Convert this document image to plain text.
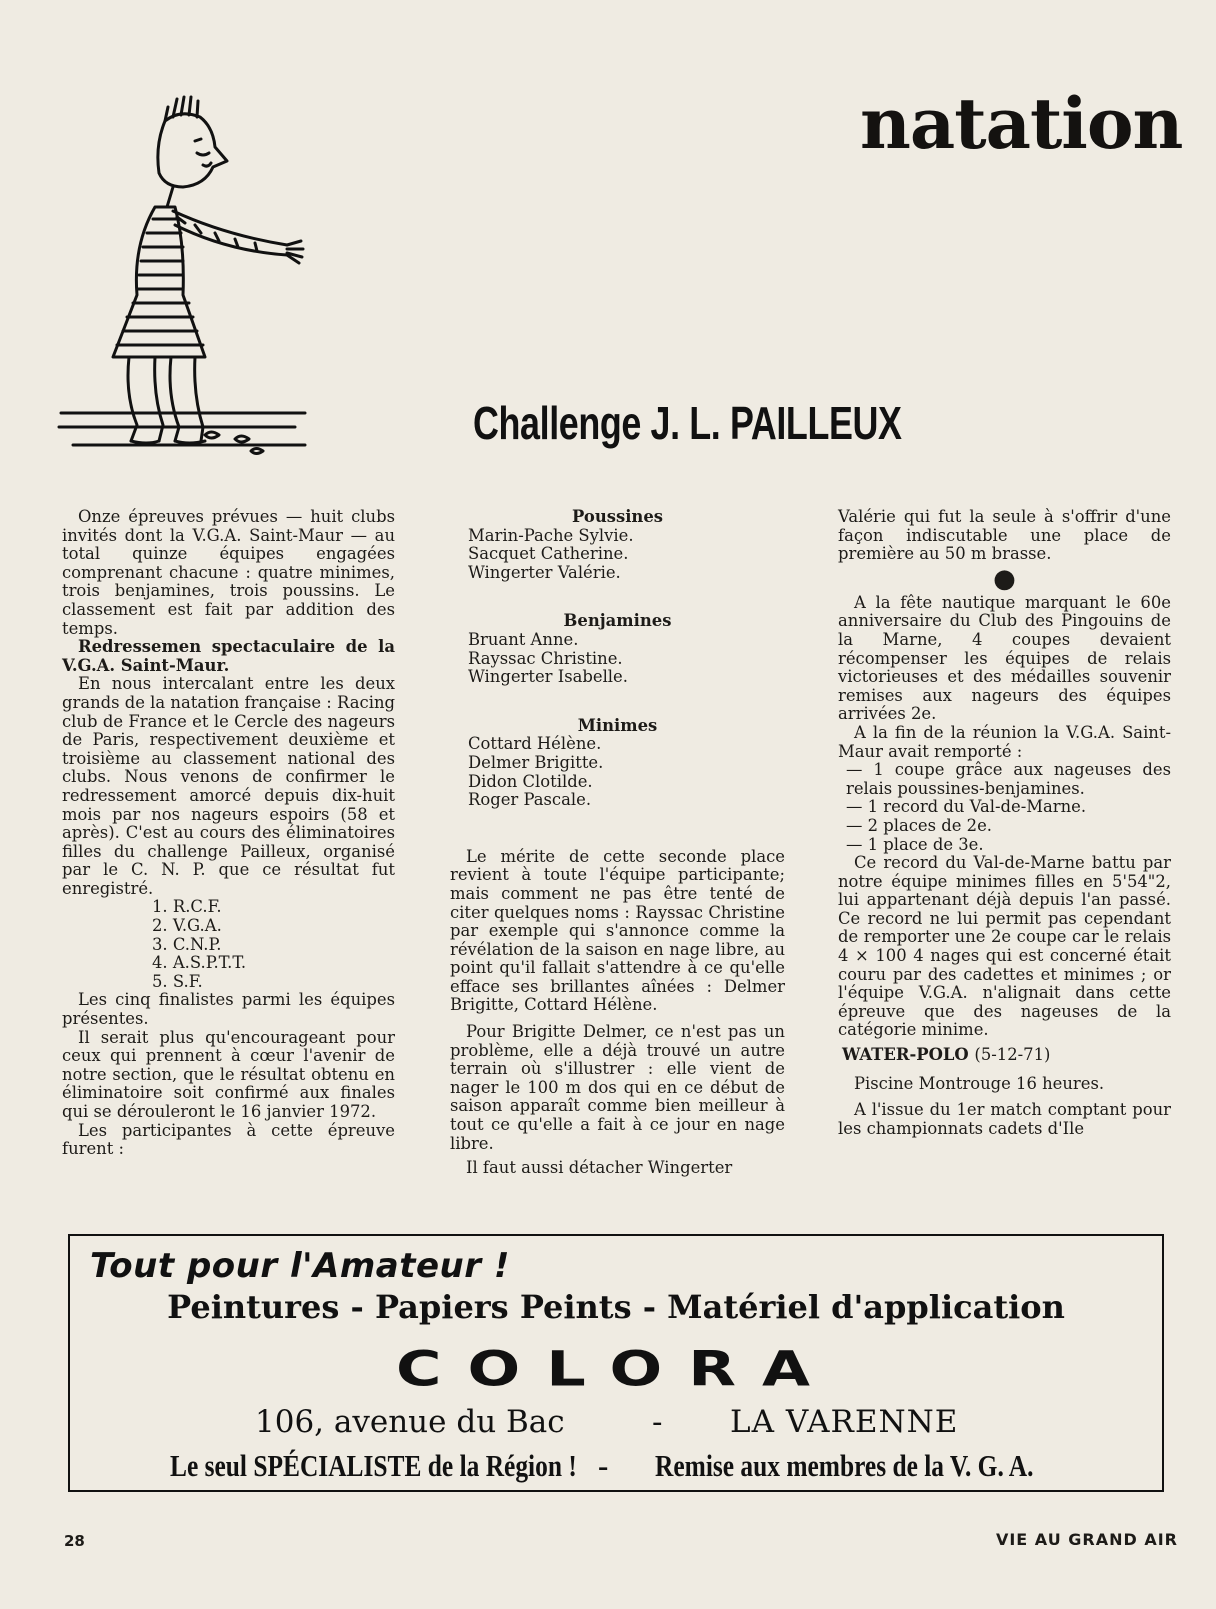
natation
Challenge J. L. PAILLEUX

Onze épreuves prévues — huit clubs invités dont la V.G.A. Saint-Maur — au total quinze équipes engagées comprenant chacune : quatre minimes, trois benjamines, trois poussins. Le classement est fait par addition des temps.

Redressemen spectaculaire de la V.G.A. Saint-Maur.

En nous intercalant entre les deux grands de la natation française : Racing club de France et le Cercle des nageurs de Paris, respectivement deuxième et troisième au classement national des clubs. Nous venons de confirmer le redressement amorcé depuis dix-huit mois par nos nageurs espoirs (58 et après). C'est au cours des éliminatoires filles du challenge Pailleux, organisé par le C. N. P. que ce résultat fut enregistré.

1. R.C.F.
2. V.G.A.
3. C.N.P.
4. A.S.P.T.T.
5. S.F.

Les cinq finalistes parmi les équipes présentes.

Il serait plus qu'encourageant pour ceux qui prennent à cœur l'avenir de notre section, que le résultat obtenu en éliminatoire soit confirmé aux finales qui se dérouleront le 16 janvier 1972.

Les participantes à cette épreuve furent :

Poussines

Marin-Pache Sylvie.
Sacquet Catherine.
Wingerter Valérie.

Benjamines

Bruant Anne.
Rayssac Christine.
Wingerter Isabelle.

Minimes

Cottard Hélène.
Delmer Brigitte.
Didon Clotilde.
Roger Pascale.

Le mérite de cette seconde place revient à toute l'équipe participante; mais comment ne pas être tenté de citer quelques noms : Rayssac Christine par exemple qui s'annonce comme la révélation de la saison en nage libre, au point qu'il fallait s'attendre à ce qu'elle efface ses brillantes aînées : Delmer Brigitte, Cottard Hélène.

Pour Brigitte Delmer, ce n'est pas un problème, elle a déjà trouvé un autre terrain où s'illustrer : elle vient de nager le 100 m dos qui en ce début de saison apparaît comme bien meilleur à tout ce qu'elle a fait à ce jour en nage libre.

Il faut aussi détacher Wingerter

Valérie qui fut la seule à s'offrir d'une façon indiscutable une place de première au 50 m brasse.

●

A la fête nautique marquant le 60e anniversaire du Club des Pingouins de la Marne, 4 coupes devaient récompenser les équipes de relais victorieuses et des médailles souvenir remises aux nageurs des équipes arrivées 2e.

A la fin de la réunion la V.G.A. Saint-Maur avait remporté :

— 1 coupe grâce aux nageuses des relais poussines-benjamines.

— 1 record du Val-de-Marne.

— 2 places de 2e.

— 1 place de 3e.

Ce record du Val-de-Marne battu par notre équipe minimes filles en 5'54"2, lui appartenant déjà depuis l'an passé. Ce record ne lui permit pas cependant de remporter une 2e coupe car le relais 4 × 100 4 nages qui est concerné était couru par des cadettes et minimes ; or l'équipe V.G.A. n'alignait dans cette épreuve que des nageuses de la catégorie minime.

WATER-POLO (5-12-71)

Piscine Montrouge 16 heures.

A l'issue du 1er match comptant pour les championnats cadets d'Ile

Tout pour l'Amateur !
Peintures - Papiers Peints - Matériel d'application
COLORA
106, avenue du Bac	- LA VARENNE
Le seul SPÉCIALISTE de la Région ! - Remise aux membres de la V. G. A.
28	VIE AU GRAND AIR
